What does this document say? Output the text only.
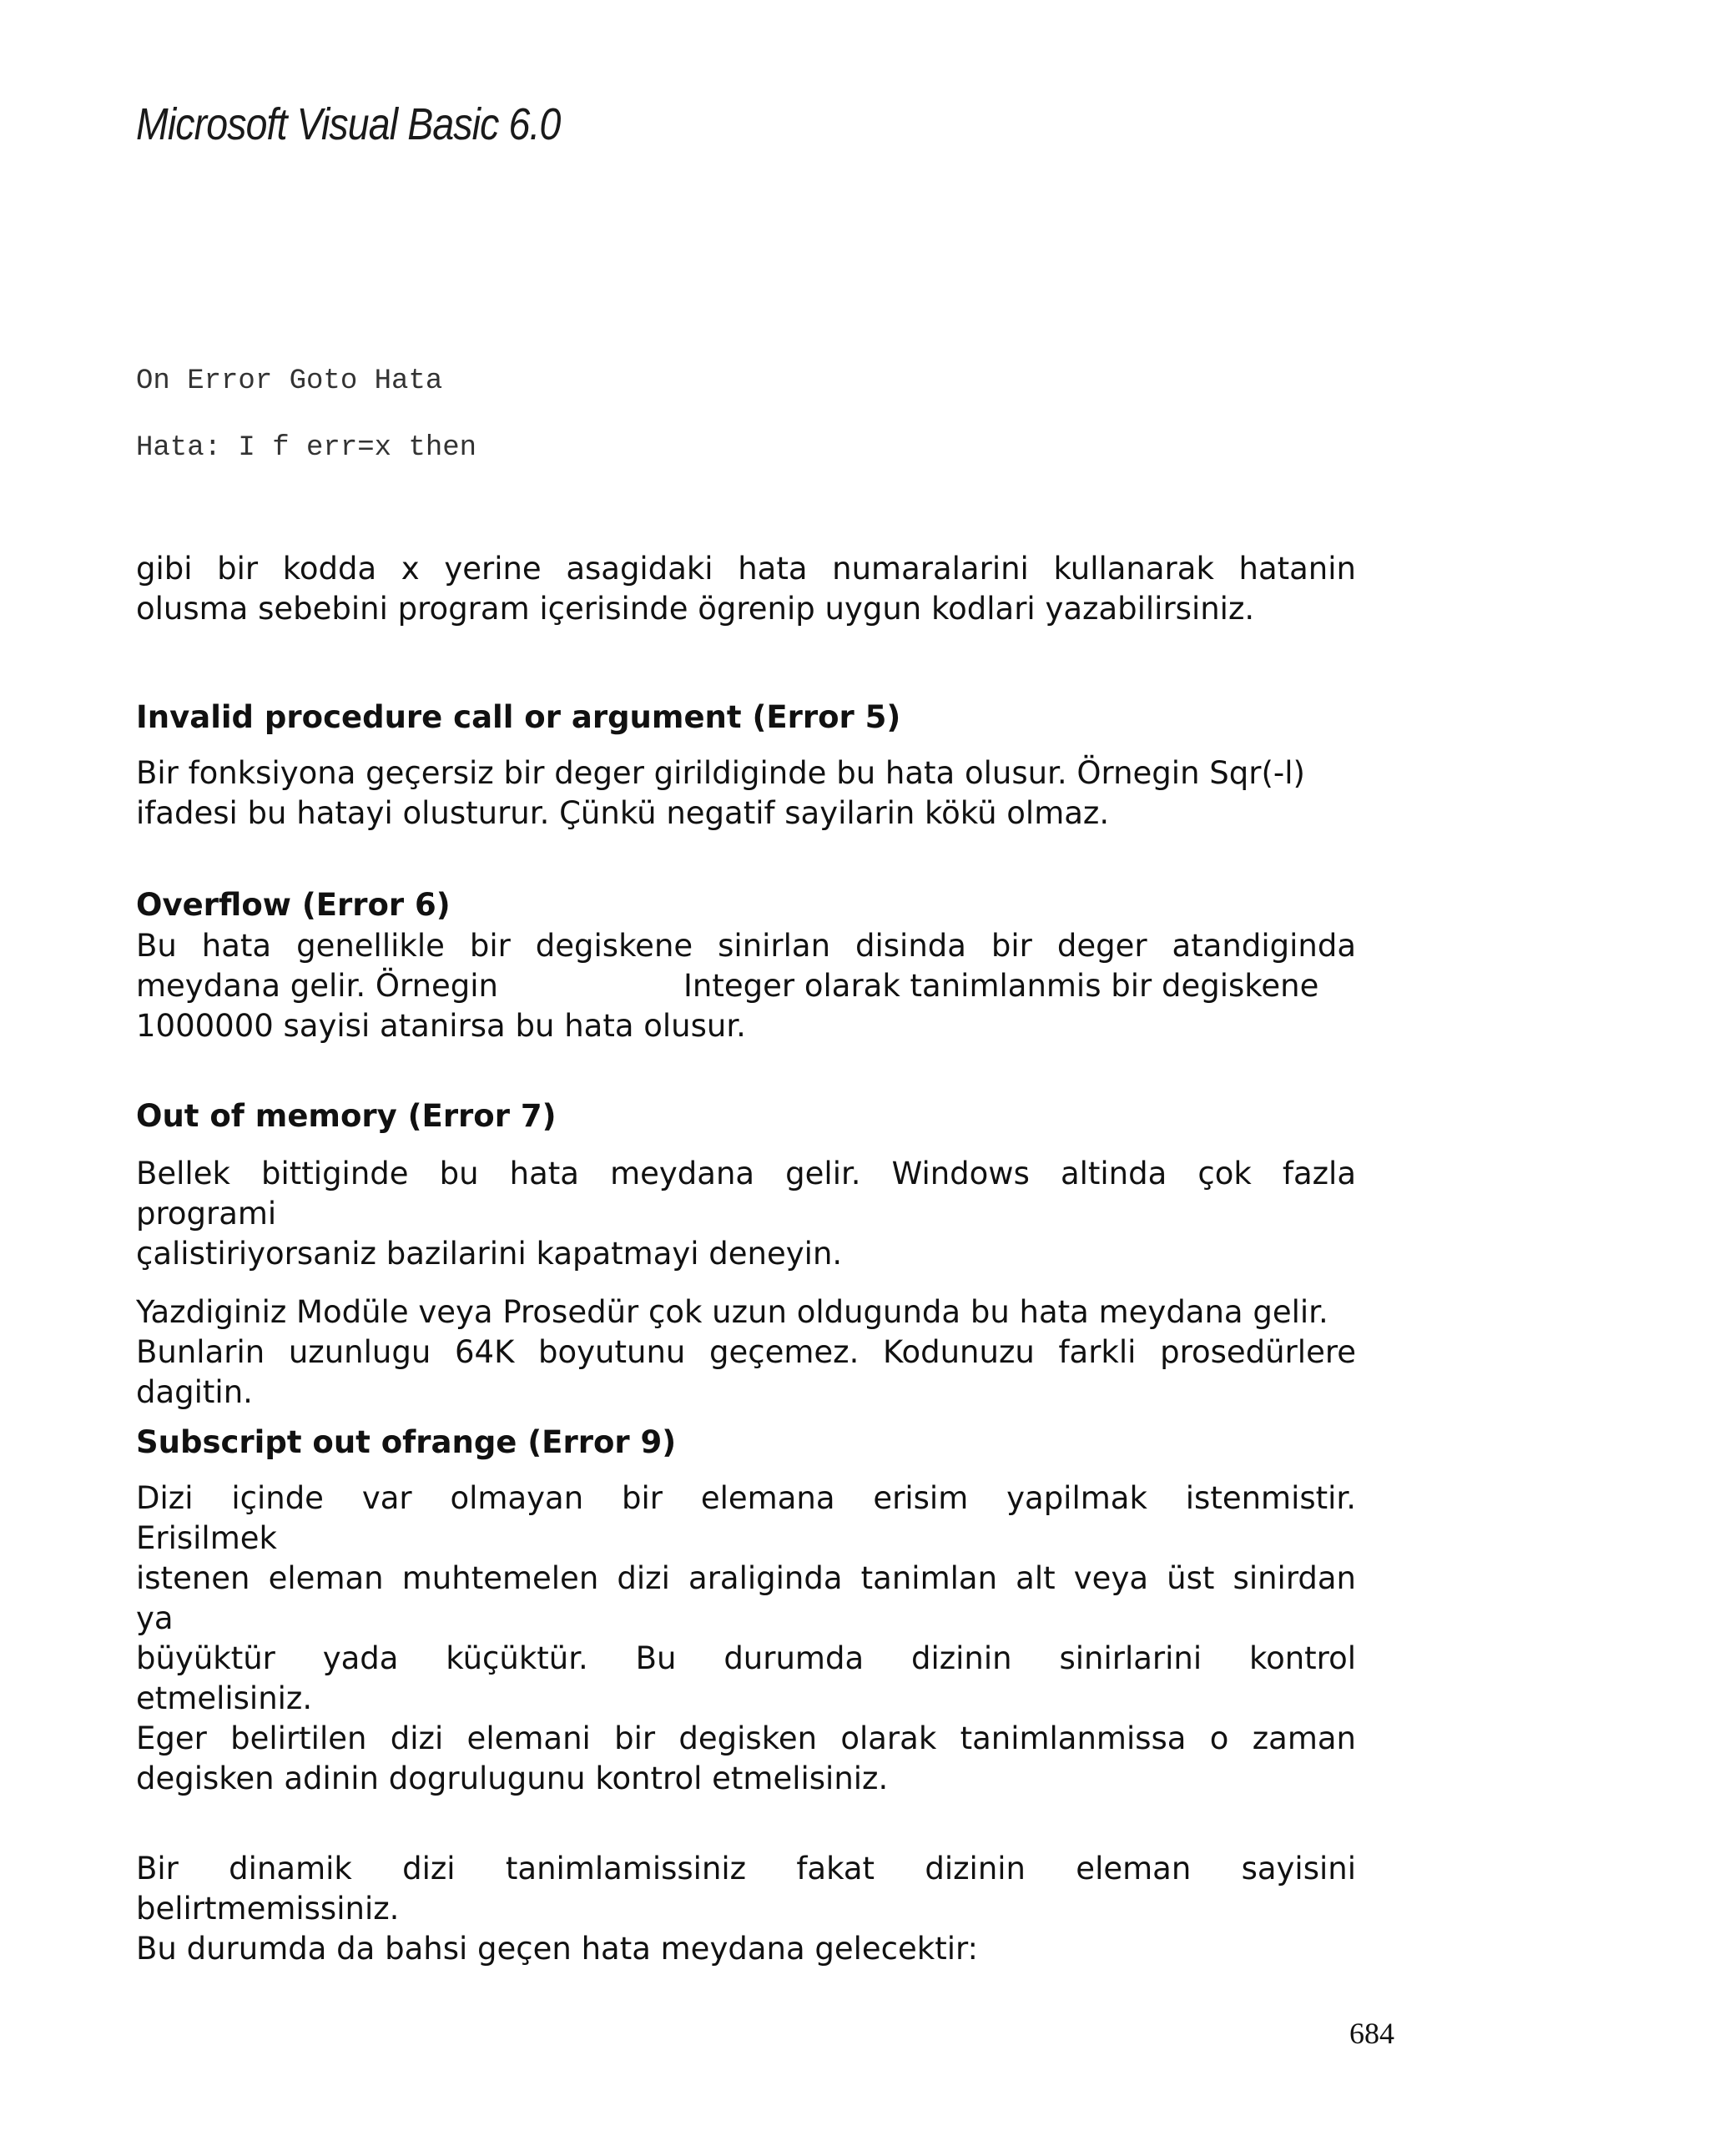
Microsoft Visual Basic 6.0
On Error Goto Hata
Hata: I f err=x then
gibi bir kodda x yerine asagidaki hata numaralarini kullanarak hatanin
olusma sebebini program içerisinde ögrenip uygun kodlari yazabilirsiniz.
Invalid procedure call or argument (Error 5)
Bir fonksiyona geçersiz bir deger girildiginde bu hata olusur. Örnegin Sqr(-l)
ifadesi bu hatayi olusturur. Çünkü negatif sayilarin kökü olmaz.
Overflow (Error 6)
Bu hata genellikle bir degiskene sinirlan disinda bir deger atandiginda
meydana gelir. Örnegin	Integer olarak tanimlanmis bir degiskene
1000000 sayisi atanirsa bu hata olusur.
Out of memory (Error 7)
Bellek bittiginde bu hata meydana gelir. Windows altinda çok fazla
programi
çalistiriyorsaniz bazilarini kapatmayi deneyin.
Yazdiginiz Modüle veya Prosedür çok uzun oldugunda bu hata meydana gelir.
Bunlarin uzunlugu 64K boyutunu geçemez. Kodunuzu farkli prosedürlere
dagitin.
Subscript out ofrange (Error 9)
Dizi içinde var olmayan bir elemana erisim yapilmak istenmistir.
Erisilmek
istenen eleman muhtemelen dizi araliginda tanimlan alt veya üst sinirdan
ya
büyüktür yada küçüktür. Bu durumda dizinin sinirlarini kontrol
etmelisiniz.
Eger belirtilen dizi elemani bir degisken olarak tanimlanmissa o zaman
degisken adinin dogrulugunu kontrol etmelisiniz.
Bir dinamik dizi tanimlamissiniz fakat dizinin eleman sayisini
belirtmemissiniz.
Bu durumda da bahsi geçen hata meydana gelecektir:
684
